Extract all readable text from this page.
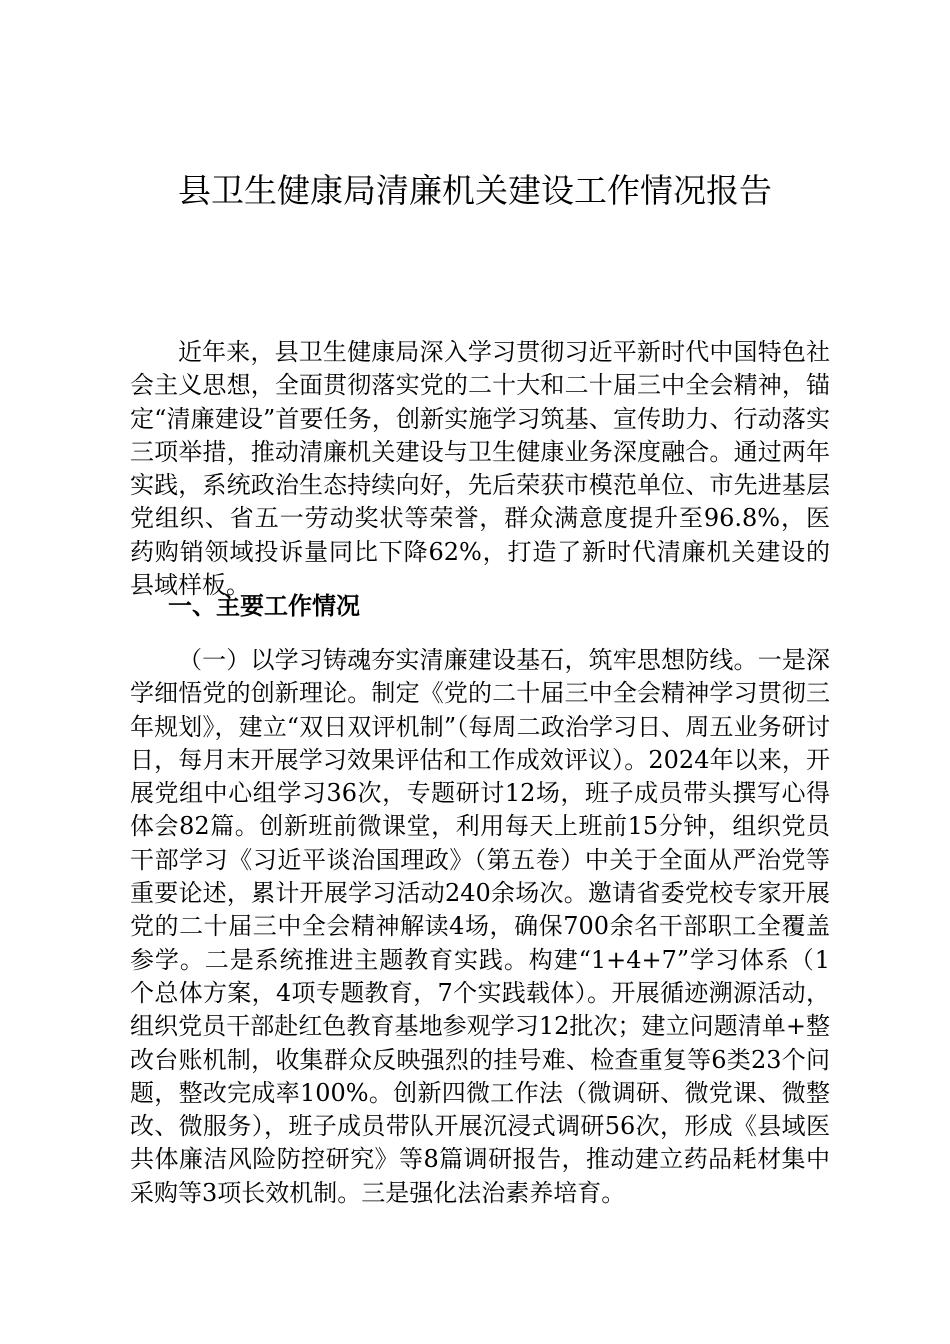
县卫生健康局清廉机关建设工作情况报告

近年来，县卫生健康局深入学习贯彻习近平新时代中国特色社会主义思想，全面贯彻落实党的二十大和二十届三中全会精神，锚定“清廉建设”首要任务，创新实施学习筑基、宣传助力、行动落实三项举措，推动清廉机关建设与卫生健康业务深度融合。通过两年实践，系统政治生态持续向好，先后荣获市模范单位、市先进基层党组织、省五一劳动奖状等荣誉，群众满意度提升至96.8%，医药购销领域投诉量同比下降62%，打造了新时代清廉机关建设的县域样板。

一、主要工作情况

（一）以学习铸魂夯实清廉建设基石，筑牢思想防线。一是深学细悟党的创新理论。制定《党的二十届三中全会精神学习贯彻三年规划》，建立“双日双评机制”（每周二政治学习日、周五业务研讨日，每月末开展学习效果评估和工作成效评议）。2024年以来，开展党组中心组学习36次，专题研讨12场，班子成员带头撰写心得体会82篇。创新班前微课堂，利用每天上班前15分钟，组织党员干部学习《习近平谈治国理政》（第五卷）中关于全面从严治党等重要论述，累计开展学习活动240余场次。邀请省委党校专家开展党的二十届三中全会精神解读4场，确保700余名干部职工全覆盖参学。二是系统推进主题教育实践。构建“1+4+7”学习体系（1个总体方案，4项专题教育，7个实践载体）。开展循迹溯源活动，组织党员干部赴红色教育基地参观学习12批次；建立问题清单+整改台账机制，收集群众反映强烈的挂号难、检查重复等6类23个问题，整改完成率100%。创新四微工作法（微调研、微党课、微整改、微服务），班子成员带队开展沉浸式调研56次，形成《县域医共体廉洁风险防控研究》等8篇调研报告，推动建立药品耗材集中采购等3项长效机制。三是强化法治素养培育。
